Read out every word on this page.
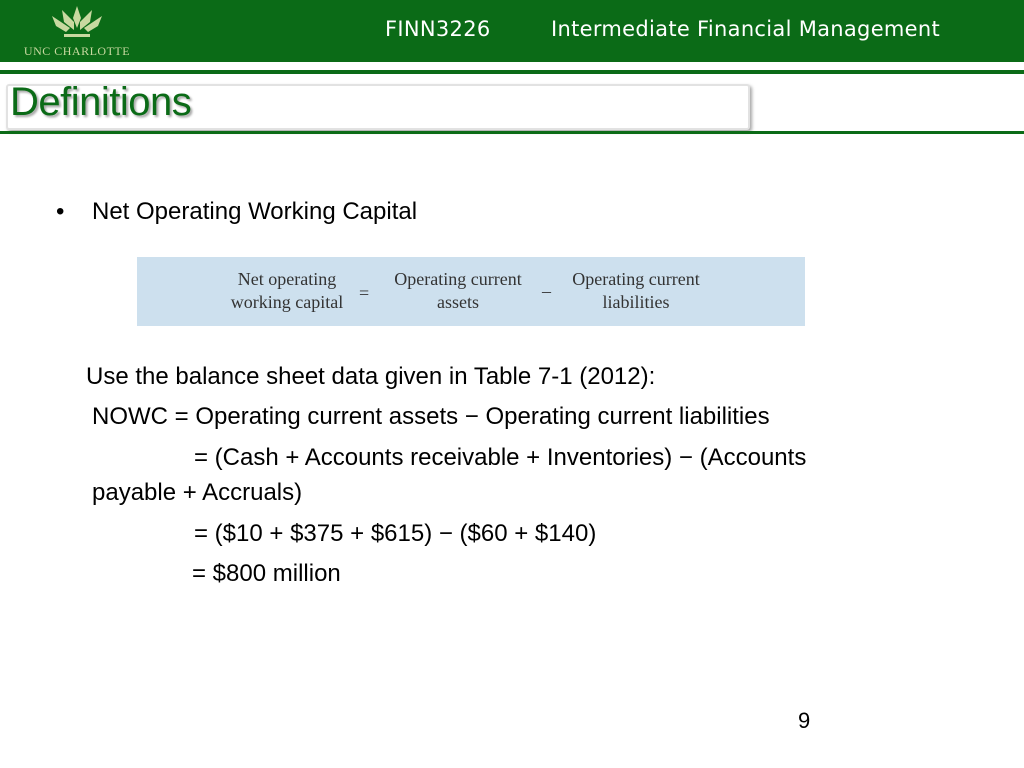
UNC CHARLOTTE
FINN3226	Intermediate Financial Management
Definitions
• Net Operating Working Capital
Net operating
working capital =
Operating current
assets
–
Operating current
liabilities
Use the balance sheet data given in Table 7-1 (2012):
NOWC = Operating current assets − Operating current liabilities
= (Cash + Accounts receivable + Inventories) − (Accounts
payable + Accruals)
= ($10 + $375 + $615) − ($60 + $140)
= $800 million
9
